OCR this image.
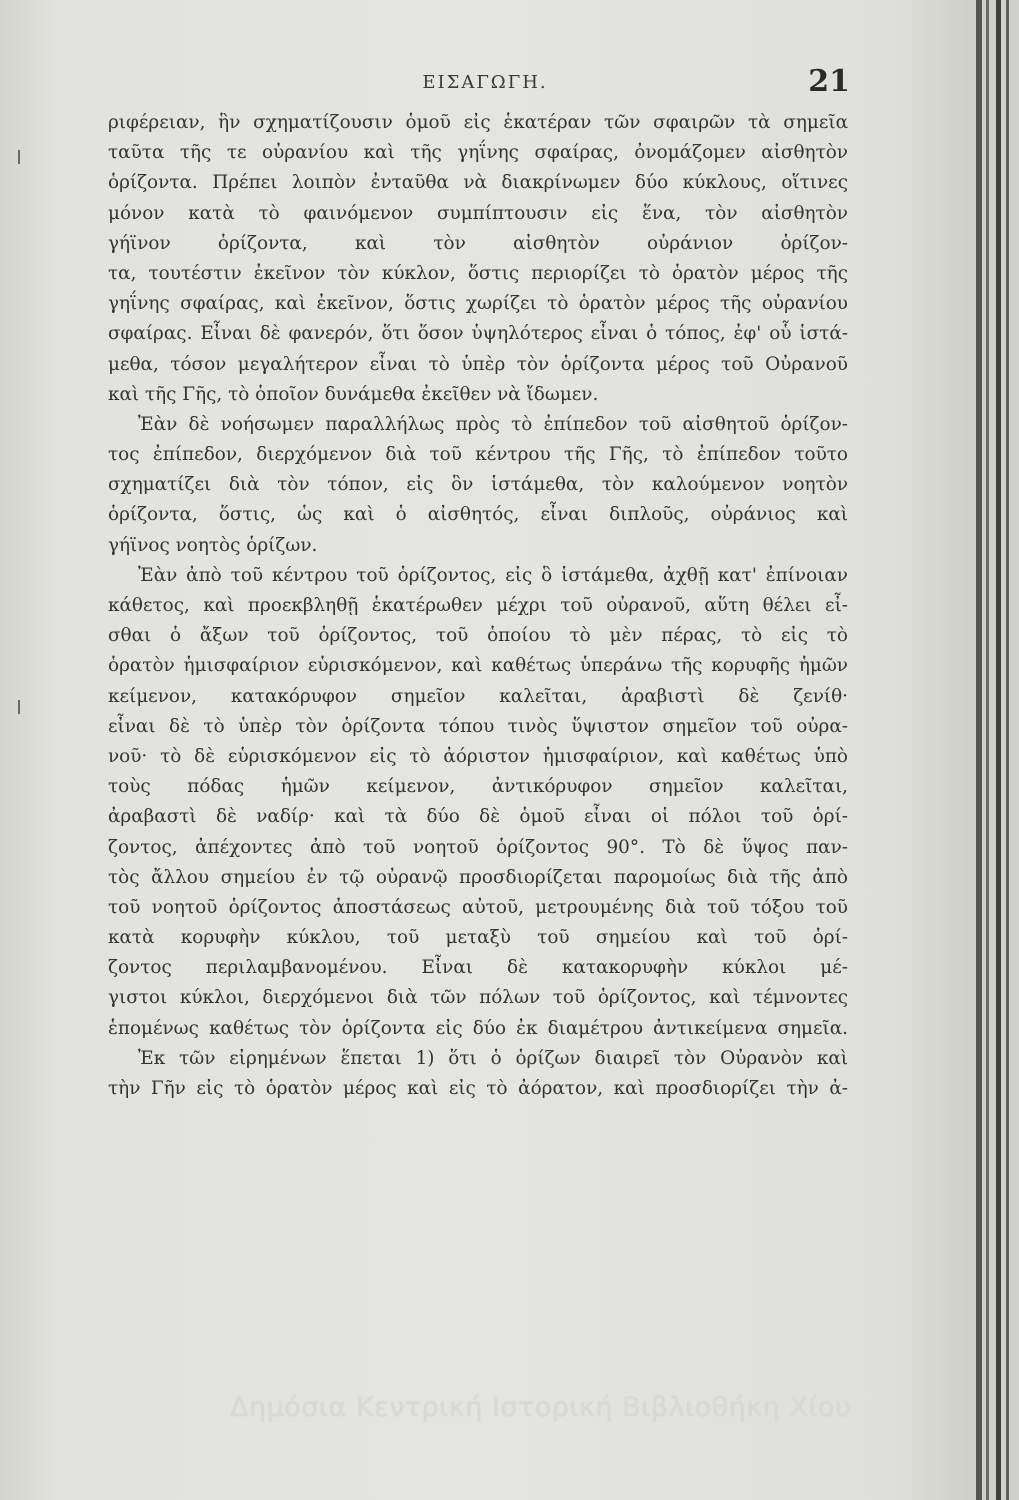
ΕΙΣΑΓΩΓΗ.	21
ριφέρειαν, ἣν σχηματίζουσιν ὁμοῦ εἰς ἑκατέραν τῶν σφαιρῶν τὰ σημεῖα
ταῦτα τῆς τε οὐρανίου καὶ τῆς γηΐνης σφαίρας, ὀνομάζομεν αἰσθητὸν
ὁρίζοντα. Πρέπει λοιπὸν ἐνταῦθα νὰ διακρίνωμεν δύο κύκλους, οἵτινες
μόνον κατὰ τὸ φαινόμενον συμπίπτουσιν εἰς ἕνα, τὸν αἰσθητὸν
γήϊνον ὁρίζοντα, καὶ τὸν αἰσθητὸν οὐράνιον ὁρίζον-
τα, τουτέστιν ἐκεῖνον τὸν κύκλον, ὅστις περιορίζει τὸ ὁρατὸν μέρος τῆς
γηΐνης σφαίρας, καὶ ἐκεῖνον, ὅστις χωρίζει τὸ ὁρατὸν μέρος τῆς οὐρανίου
σφαίρας. Εἶναι δὲ φανερόν, ὅτι ὅσον ὑψηλότερος εἶναι ὁ τόπος, ἐφ' οὗ ἱστά-
μεθα, τόσον μεγαλήτερον εἶναι τὸ ὑπὲρ τὸν ὁρίζοντα μέρος τοῦ Οὐρανοῦ
καὶ τῆς Γῆς, τὸ ὁποῖον δυνάμεθα ἐκεῖθεν νὰ ἴδωμεν.
Ἐὰν δὲ νοήσωμεν παραλλήλως πρὸς τὸ ἐπίπεδον τοῦ αἰσθητοῦ ὁρίζον-
τος ἐπίπεδον, διερχόμενον διὰ τοῦ κέντρου τῆς Γῆς, τὸ ἐπίπεδον τοῦτο
σχηματίζει διὰ τὸν τόπον, εἰς ὃν ἱστάμεθα, τὸν καλούμενον νοητὸν
ὁρίζοντα, ὅστις, ὡς καὶ ὁ αἰσθητός, εἶναι διπλοῦς, οὐράνιος καὶ
γήϊνος νοητὸς ὁρίζων.
Ἐὰν ἀπὸ τοῦ κέντρου τοῦ ὁρίζοντος, εἰς ὃ ἱστάμεθα, ἀχθῇ κατ' ἐπίνοιαν
κάθετος, καὶ προεκβληθῇ ἑκατέρωθεν μέχρι τοῦ οὐρανοῦ, αὕτη θέλει εἶ-
σθαι ὁ ἄξων τοῦ ὁρίζοντος, τοῦ ὁποίου τὸ μὲν πέρας, τὸ εἰς τὸ
ὁρατὸν ἡμισφαίριον εὑρισκόμενον, καὶ καθέτως ὑπεράνω τῆς κορυφῆς ἡμῶν
κείμενον, κατακόρυφον σημεῖον καλεῖται, ἀραβιστὶ δὲ ζενίθ·
εἶναι δὲ τὸ ὑπὲρ τὸν ὁρίζοντα τόπου τινὸς ὕψιστον σημεῖον τοῦ οὐρα-
νοῦ· τὸ δὲ εὑρισκόμενον εἰς τὸ ἀόριστον ἡμισφαίριον, καὶ καθέτως ὑπὸ
τοὺς πόδας ἡμῶν κείμενον, ἀντικόρυφον σημεῖον καλεῖται,
ἀραβαστὶ δὲ ναδίρ· καὶ τὰ δύο δὲ ὁμοῦ εἶναι οἱ πόλοι τοῦ ὁρί-
ζοντος, ἀπέχοντες ἀπὸ τοῦ νοητοῦ ὁρίζοντος 90°. Τὸ δὲ ὕψος παν-
τὸς ἄλλου σημείου ἐν τῷ οὐρανῷ προσδιορίζεται παρομοίως διὰ τῆς ἀπὸ
τοῦ νοητοῦ ὁρίζοντος ἀποστάσεως αὐτοῦ, μετρουμένης διὰ τοῦ τόξου τοῦ
κατὰ κορυφὴν κύκλου, τοῦ μεταξὺ τοῦ σημείου καὶ τοῦ ὁρί-
ζοντος περιλαμβανομένου. Εἶναι δὲ κατακορυφὴν κύκλοι μέ-
γιστοι κύκλοι, διερχόμενοι διὰ τῶν πόλων τοῦ ὁρίζοντος, καὶ τέμνοντες
ἑπομένως καθέτως τὸν ὁρίζοντα εἰς δύο ἐκ διαμέτρου ἀντικείμενα σημεῖα.
Ἐκ τῶν εἰρημένων ἕπεται 1) ὅτι ὁ ὁρίζων διαιρεῖ τὸν Οὐρανὸν καὶ
τὴν Γῆν εἰς τὸ ὁρατὸν μέρος καὶ εἰς τὸ ἀόρατον, καὶ προσδιορίζει τὴν ἀ-
Δημόσια Κεντρική Ιστορική Βιβλιοθήκη Χίου
